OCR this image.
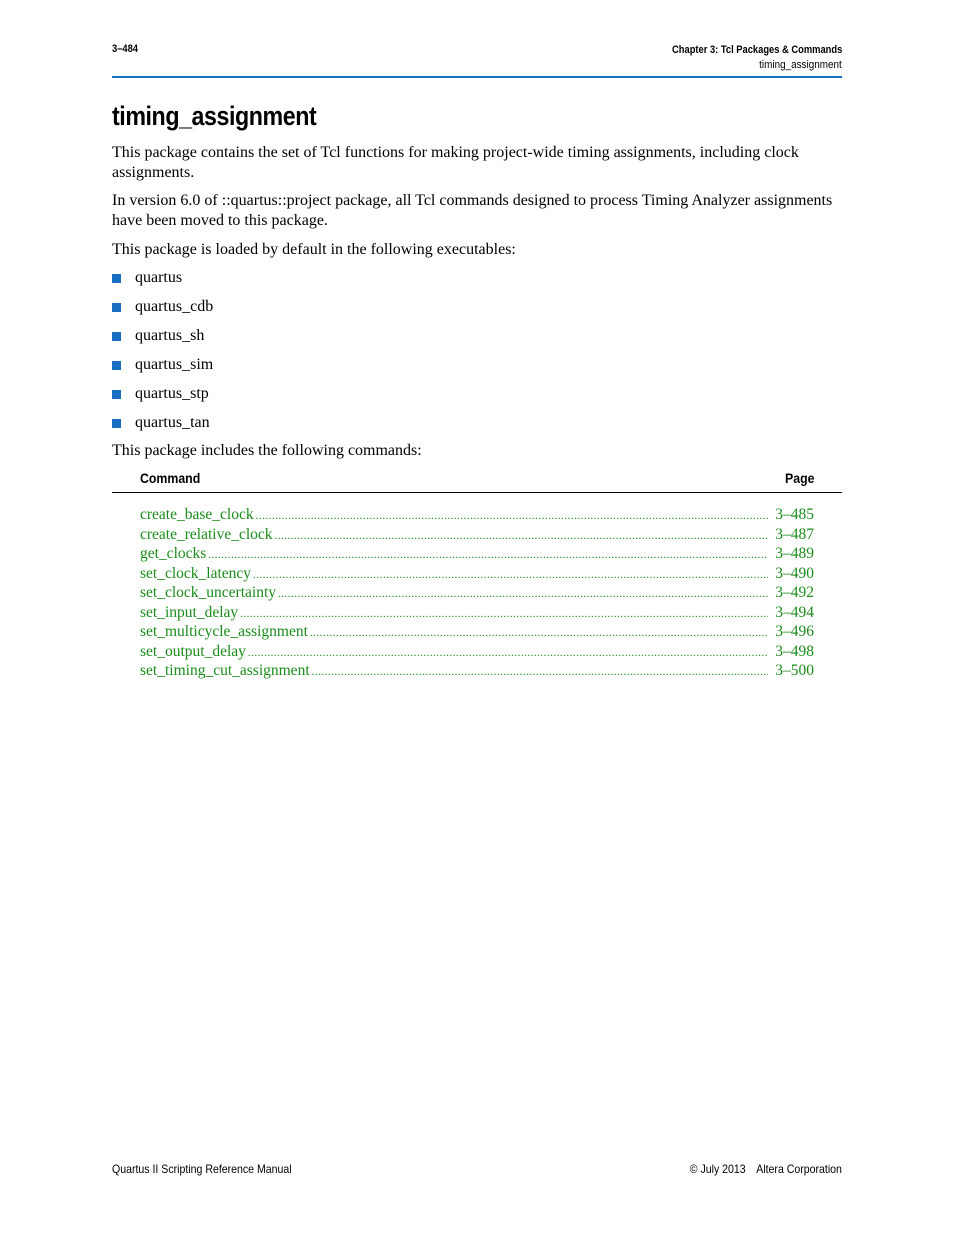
3–484	Chapter 3: Tcl Packages & Commands
timing_assignment
timing_assignment

This package contains the set of Tcl functions for making project-wide timing assignments, including clock assignments.

In version 6.0 of ::quartus::project package, all Tcl commands designed to process Timing Analyzer assignments have been moved to this package.

This package is loaded by default in the following executables:

quartus
quartus_cdb
quartus_sh
quartus_sim
quartus_stp
quartus_tan

This package includes the following commands:

Command	Page
create_base_clock .....	3–485
create_relative_clock .....	3–487
get_clocks .....	3–489
set_clock_latency .....	3–490
set_clock_uncertainty .....	3–492
set_input_delay .....	3–494
set_multicycle_assignment .....	3–496
set_output_delay .....	3–498
set_timing_cut_assignment .....	3–500
Quartus II Scripting Reference Manual	© July 2013 Altera Corporation
